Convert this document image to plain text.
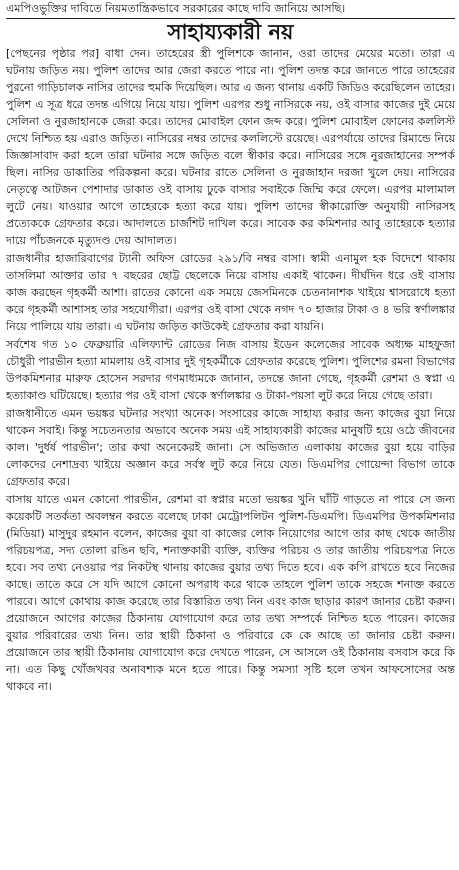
এমপিওভুক্তির দাবিতে নিয়মতান্ত্রিকভাবে সরকারের কাছে দাবি জানিয়ে আসছি।

সাহায্যকারী নয়

[পেছনের পৃষ্ঠার পর] বাধা দেন। তাহেরের স্ত্রী পুলিশকে জানান, ওরা তাদের মেয়ের মতো। তারা এ ঘটনায় জড়িত নয়। পুলিশ তাদের আর জেরা করতে পারে না। পুলিশ তদন্ত করে জানতে পারে তাহেরের পুরনো গাড়িচালক নাসির তাদের হুমকি দিয়েছিল। আর এ জন্য থানায় একটি জিডিও করেছিলেন তাহের। পুলিশ এ সূত্র ধরে তদন্ত এগিয়ে নিয়ে যায়। পুলিশ এরপর শুধু নাসিরকে নয়, ওই বাসার কাজের দুই মেয়ে সেলিনা ও নুরজাহানকে জেরা করে। তাদের মোবাইল ফোন জব্দ করে। পুলিশ মোবাইল ফোনের কললিস্ট দেখে নিশ্চিত হয় এরাও জড়িত। নাসিরের নম্বর তাদের কললিস্টে রয়েছে। এরপর্যায়ে তাদের রিমান্ডে নিয়ে জিজ্ঞাসাবাদ করা হলে তারা ঘটনার সঙ্গে জড়িত বলে স্বীকার করে। নাসিরের সঙ্গে নুরজাহানের সম্পর্ক ছিল। নাসির ডাকাতির পরিকল্পনা করে। ঘটনার রাতে সেলিনা ও নুরজাহান দরজা খুলে দেয়। নাসিরের নেতৃত্বে আটজন পেশাদার ডাকাত ওই বাসায় ঢুকে বাসার সবাইকে জিম্মি করে ফেলে। এরপর মালামাল লুটে নেয়। যাওয়ার আগে তাহেরকে হত্যা করে যায়। পুলিশ তাদের স্বীকারোক্তি অনুযায়ী নাসিরসহ প্রত্যেককে গ্রেফতার করে। আদালতে চার্জশিট দাখিল করে। সাবেক কর কমিশনার আবু তাহেরকে হত্যার দায়ে পাঁচজনকে মৃত্যুদণ্ড দেয় আদালত।

রাজধানীর হাজারিবাগের ট্যানী অফিস রোডের ২৯১/বি নম্বর বাসা। স্বামী এনামুল হক বিদেশে থাকায় তাসলিমা আক্তার তার ৭ বছরের ছোট্ট ছেলেকে নিয়ে বাসায় একাই থাকেন। দীর্ঘদিন ধরে ওই বাসায় কাজ করছেন গৃহকর্মী আশা। রাতের কোনো এক সময়ে জেসমিনকে চেতনানাশক খাইয়ে শ্বাসরোধে হত্যা করে গৃহকর্মী আশাসহ তার সহযোগীরা। এরপর ওই বাসা থেকে নগদ ৭০ হাজার টাকা ও ৪ ভরি স্বর্ণালঙ্কার নিয়ে পালিয়ে যায় তারা। এ ঘটনায় জড়িত কাউকেই গ্রেফতার করা যায়নি।

সর্বশেষ গত ১০ ফেব্রুয়ারি এলিফ্যান্ট রোডের নিজ বাসায় ইডেন কলেজের সাবেক অধ্যক্ষ মাহফুজা চৌধুরী পারভীন হত্যা মামলায় ওই বাসার দুই গৃহকর্মীকে গ্রেফতার করেছে পুলিশ। পুলিশের রমনা বিভাগের উপকমিশনার মারুফ হোসেন সরদার গণমাধ্যমকে জানান, তদন্তে জানা গেছে, গৃহকর্মী রেশমা ও স্বপ্না এ হত্যাকাণ্ড ঘটিয়েছে। হত্যার পর ওই বাসা থেকে স্বর্ণালঙ্কার ও টাকা-পয়সা লুট করে নিয়ে গেছে তারা।

রাজধানীতে এমন ভয়ঙ্কর ঘটনার সংখ্যা অনেক। সংসারের কাজে সাহায্য করার জন্য কাজের বুয়া নিয়ে থাকেন সবাই। কিন্তু সচেতনতার অভাবে অনেক সময় এই সাহায্যকারী কাজের মানুষটি হয়ে ওঠে জীবনের কাল। 'দুর্ধর্ষ পারভীন'; তার কথা অনেকেরই জানা। সে অভিজাত এলাকায় কাজের বুয়া হয়ে বাড়ির লোকদের নেশাদ্রব্য খাইয়ে অজ্ঞান করে সর্বস্ব লুট করে নিয়ে যেত। ডিএমপির গোয়েন্দা বিভাগ তাকে গ্রেফতার করে।

বাসায় যাতে এমন কোনো পারভীন, রেশমা বা স্বপ্নার মতো ভয়ঙ্কর খুনি ঘাঁটি গাড়তে না পারে সে জন্য কয়েকটি সতর্কতা অবলম্বন করতে বলেছে ঢাকা মেট্রোপলিটন পুলিশ-ডিএমপি। ডিএমপির উপকমিশনার (মিডিয়া) মাসুদুর রহমান বলেন, কাজের বুয়া বা কাজের লোক নিয়োগের আগে তার কাছ থেকে জাতীয় পরিচয়পত্র, সদ্য তোলা রঙিন ছবি, শনাক্তকারী ব্যক্তি, ব্যক্তির পরিচয় ও তার জাতীয় পরিচয়পত্র নিতে হবে। সব তথ্য নেওয়ার পর নিকটস্থ থানায় কাজের বুয়ার তথ্য দিতে হবে। এক কপি রাখতে হবে নিজের কাছে। তাতে করে সে যদি আগে কোনো অপরাধ করে থাকে তাহলে পুলিশ তাকে সহজে শনাক্ত করতে পারবে। আগে কোথায় কাজ করেছে তার বিস্তারিত তথ্য নিন এবং কাজ ছাড়ার কারণ জানার চেষ্টা করুন। প্রয়োজনে আগের কাজের ঠিকানায় যোগাযোগ করে তার তথ্য সম্পর্কে নিশ্চিত হতে পারেন। কাজের বুয়ার পরিবারের তথ্য নিন। তার স্থায়ী ঠিকানা ও পরিবারে কে কে আছে তা জানার চেষ্টা করুন। প্রয়োজনে তার স্থায়ী ঠিকানায় যোগাযোগ করে দেখতে পারেন, সে আসলে ওই ঠিকানায় বসবাস করে কি না। এত কিছু খোঁজখবর অনাবশ্যক মনে হতে পারে। কিন্তু সমস্যা সৃষ্টি হলে তখন আফসোসের অন্ত থাকবে না।
